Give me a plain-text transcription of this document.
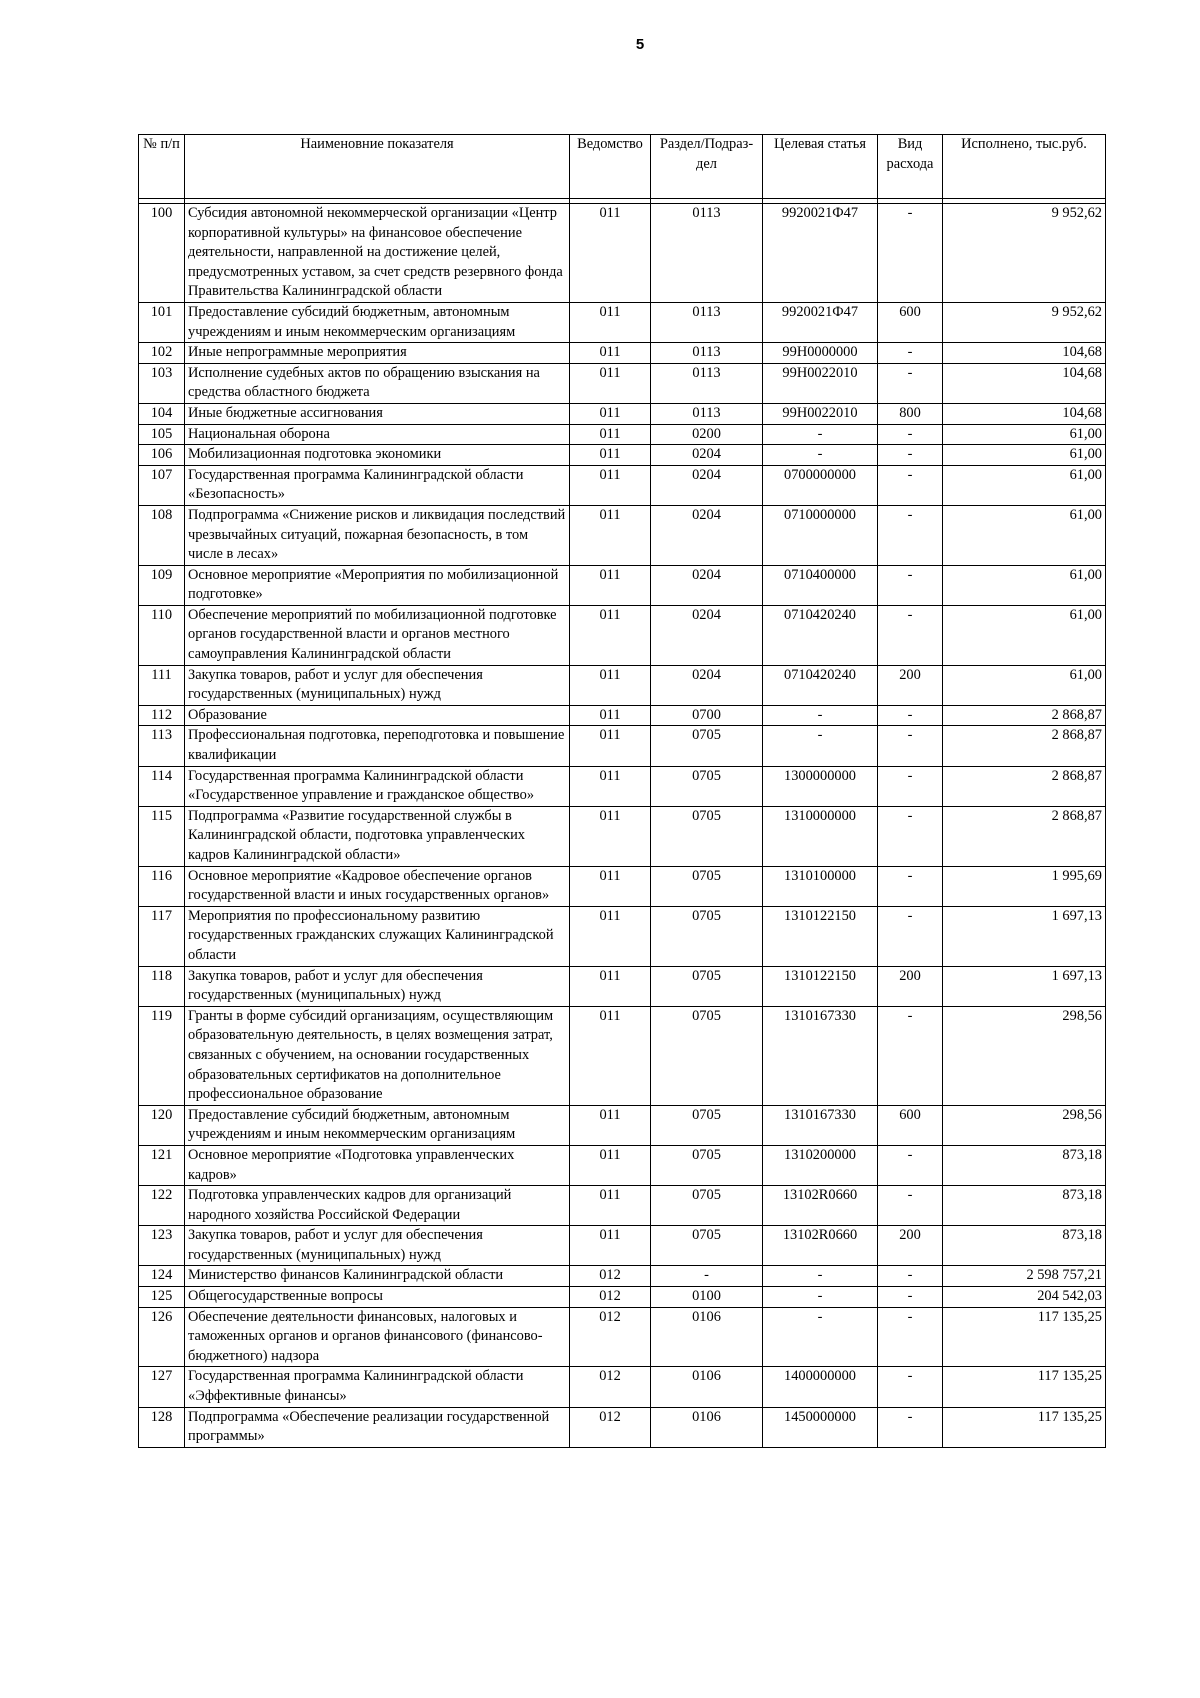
5
№ п/п	Наименовние показателя	Ведомство	Раздел/Подраз-дел	Целевая статья	Вид расхода	Исполнено, тыс.руб.

100	Субсидия автономной некоммерческой организации «Центр корпоративной культуры» на финансовое обеспечение деятельности, направленной на достижение целей, предусмотренных уставом, за счет средств резервного фонда Правительства Калининградской области	011	0113	9920021Ф47	-	9 952,62
101	Предоставление субсидий бюджетным, автономным учреждениям и иным некоммерческим организациям	011	0113	9920021Ф47	600	9 952,62
102	Иные непрограммные мероприятия	011	0113	99Н0000000	-	104,68
103	Исполнение судебных актов по обращению взыскания на средства областного бюджета	011	0113	99Н0022010	-	104,68
104	Иные бюджетные ассигнования	011	0113	99Н0022010	800	104,68
105	Национальная оборона	011	0200	-	-	61,00
106	Мобилизационная подготовка экономики	011	0204	-	-	61,00
107	Государственная программа Калининградской области «Безопасность»	011	0204	0700000000	-	61,00
108	Подпрограмма «Снижение рисков и ликвидация последствий чрезвычайных ситуаций, пожарная безопасность, в том числе в лесах»	011	0204	0710000000	-	61,00
109	Основное мероприятие «Мероприятия по мобилизационной подготовке»	011	0204	0710400000	-	61,00
110	Обеспечение мероприятий по мобилизационной подготовке органов государственной власти и органов местного самоуправления Калининградской области	011	0204	0710420240	-	61,00
111	Закупка товаров, работ и услуг для обеспечения государственных (муниципальных) нужд	011	0204	0710420240	200	61,00
112	Образование	011	0700	-	-	2 868,87
113	Профессиональная подготовка, переподготовка и повышение квалификации	011	0705	-	-	2 868,87
114	Государственная программа Калининградской области «Государственное управление и гражданское общество»	011	0705	1300000000	-	2 868,87
115	Подпрограмма «Развитие государственной службы в Калининградской области, подготовка управленческих кадров Калининградской области»	011	0705	1310000000	-	2 868,87
116	Основное мероприятие «Кадровое обеспечение органов государственной власти и иных государственных органов»	011	0705	1310100000	-	1 995,69
117	Мероприятия по профессиональному развитию государственных гражданских служащих Калининградской области	011	0705	1310122150	-	1 697,13
118	Закупка товаров, работ и услуг для обеспечения государственных (муниципальных) нужд	011	0705	1310122150	200	1 697,13
119	Гранты в форме субсидий организациям, осуществляющим образовательную деятельность, в целях возмещения затрат, связанных с обучением, на основании государственных образовательных сертификатов на дополнительное профессиональное образование	011	0705	1310167330	-	298,56
120	Предоставление субсидий бюджетным, автономным учреждениям и иным некоммерческим организациям	011	0705	1310167330	600	298,56
121	Основное мероприятие «Подготовка управленческих кадров»	011	0705	1310200000	-	873,18
122	Подготовка управленческих кадров для организаций народного хозяйства Российской Федерации	011	0705	13102R0660	-	873,18
123	Закупка товаров, работ и услуг для обеспечения государственных (муниципальных) нужд	011	0705	13102R0660	200	873,18
124	Министерство финансов Калининградской области	012	-	-	-	2 598 757,21
125	Общегосударственные вопросы	012	0100	-	-	204 542,03
126	Обеспечение деятельности финансовых, налоговых и таможенных органов и органов финансового (финансово-бюджетного) надзора	012	0106	-	-	117 135,25
127	Государственная программа Калининградской области «Эффективные финансы»	012	0106	1400000000	-	117 135,25
128	Подпрограмма «Обеспечение реализации государственной программы»	012	0106	1450000000	-	117 135,25
